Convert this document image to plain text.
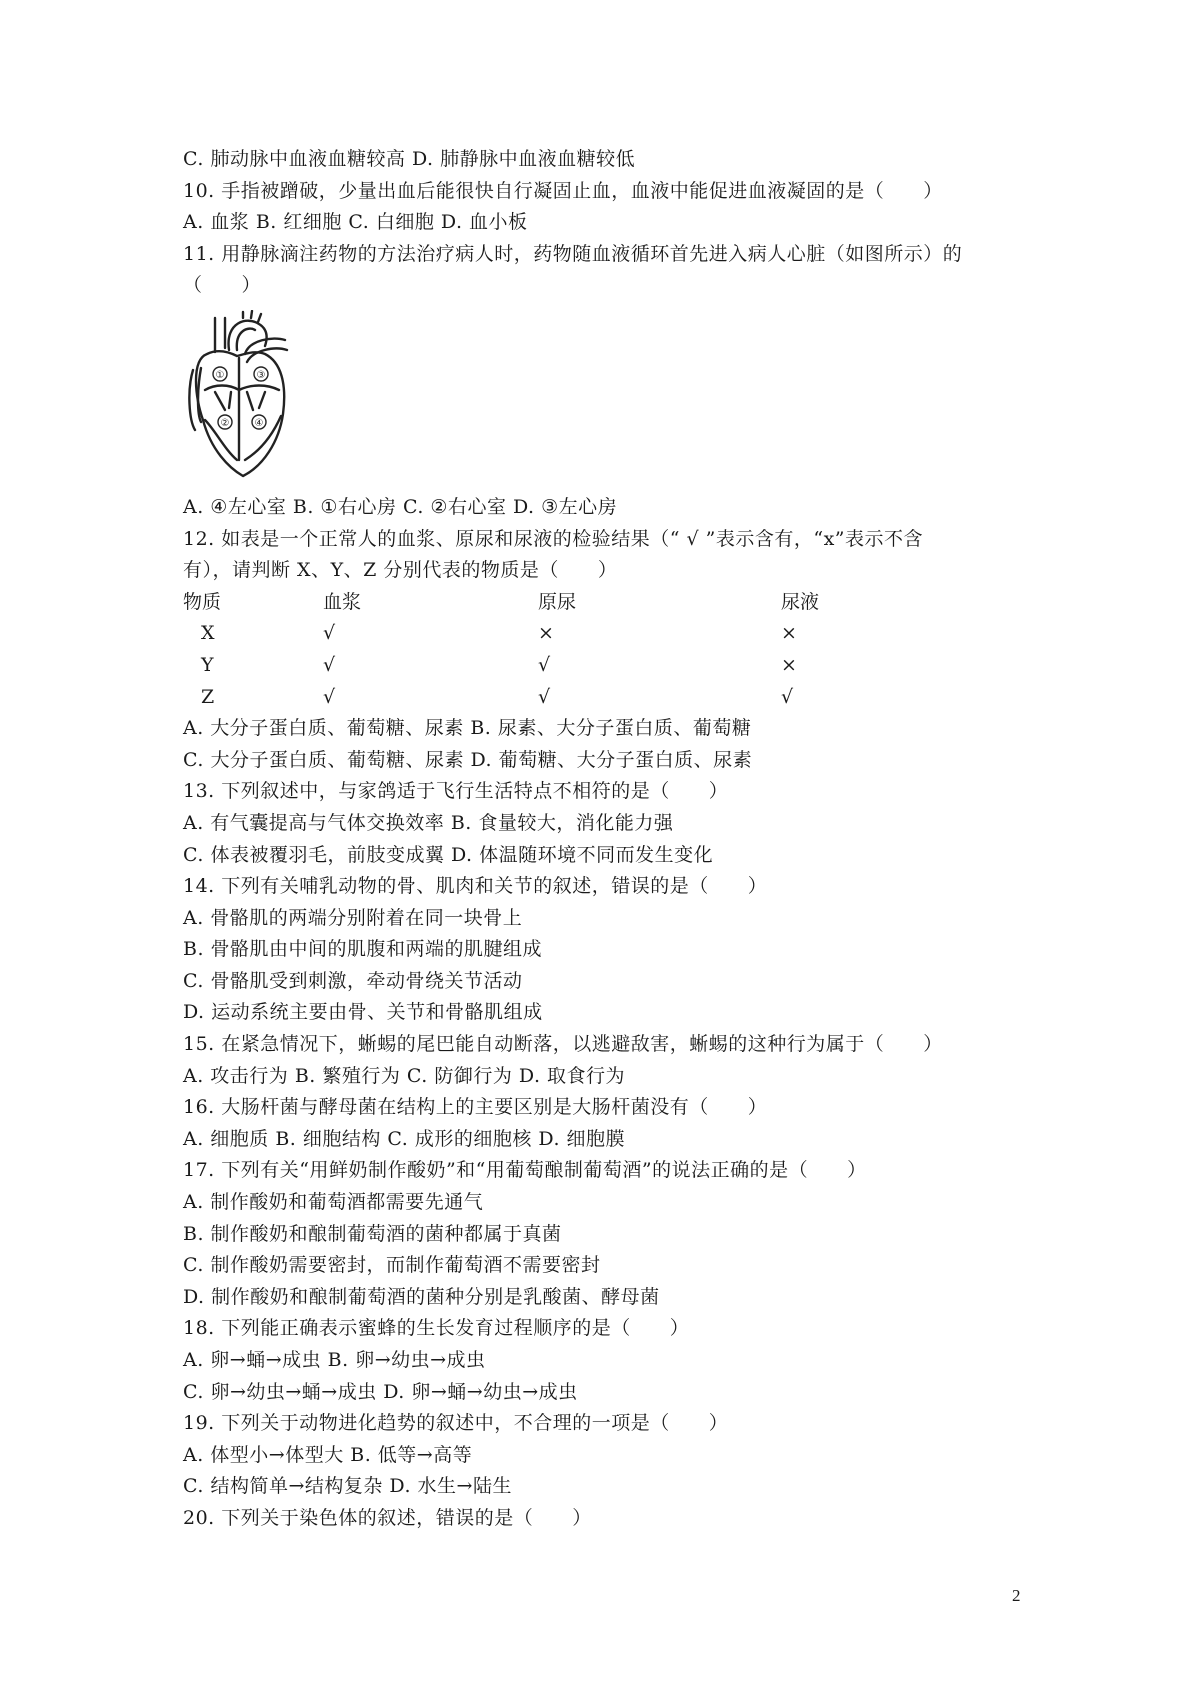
C. 肺动脉中血液血糖较高 D. 肺静脉中血液血糖较低
10. 手指被蹭破，少量出血后能很快自行凝固止血，血液中能促进血液凝固的是（　　）
A. 血浆 B. 红细胞 C. 白细胞 D. 血小板
11. 用静脉滴注药物的方法治疗病人时，药物随血液循环首先进入病人心脏（如图所示）的
（　　）
①
②
③
④
A. ④左心室 B. ①右心房 C. ②右心室 D. ③左心房
12. 如表是一个正常人的血浆、原尿和尿液的检验结果（“ √ ”表示含有，“x”表示不含
有），请判断 X、Y、Z 分别代表的物质是（　　）
物质	血浆	原尿	尿液
X	√	×	×
Y	√	√	×
Z	√	√	√
A. 大分子蛋白质、葡萄糖、尿素 B. 尿素、大分子蛋白质、葡萄糖
C. 大分子蛋白质、葡萄糖、尿素 D. 葡萄糖、大分子蛋白质、尿素
13. 下列叙述中，与家鸽适于飞行生活特点不相符的是（　　）
A. 有气囊提高与气体交换效率 B. 食量较大，消化能力强
C. 体表被覆羽毛，前肢变成翼 D. 体温随环境不同而发生变化
14. 下列有关哺乳动物的骨、肌肉和关节的叙述，错误的是（　　）
A. 骨骼肌的两端分别附着在同一块骨上
B. 骨骼肌由中间的肌腹和两端的肌腱组成
C. 骨骼肌受到刺激，牵动骨绕关节活动
D. 运动系统主要由骨、关节和骨骼肌组成
15. 在紧急情况下，蜥蜴的尾巴能自动断落，以逃避敌害，蜥蜴的这种行为属于（　　）
A. 攻击行为 B. 繁殖行为 C. 防御行为 D. 取食行为
16. 大肠杆菌与酵母菌在结构上的主要区别是大肠杆菌没有（　　）
A. 细胞质 B. 细胞结构 C. 成形的细胞核 D. 细胞膜
17. 下列有关“用鲜奶制作酸奶”和“用葡萄酿制葡萄酒”的说法正确的是（　　）
A. 制作酸奶和葡萄酒都需要先通气
B. 制作酸奶和酿制葡萄酒的菌种都属于真菌
C. 制作酸奶需要密封，而制作葡萄酒不需要密封
D. 制作酸奶和酿制葡萄酒的菌种分别是乳酸菌、酵母菌
18. 下列能正确表示蜜蜂的生长发育过程顺序的是（　　）
A. 卵→蛹→成虫 B. 卵→幼虫→成虫
C. 卵→幼虫→蛹→成虫 D. 卵→蛹→幼虫→成虫
19. 下列关于动物进化趋势的叙述中，不合理的一项是（　　）
A. 体型小→体型大 B. 低等→高等
C. 结构简单→结构复杂 D. 水生→陆生
20. 下列关于染色体的叙述，错误的是（　　）
2
